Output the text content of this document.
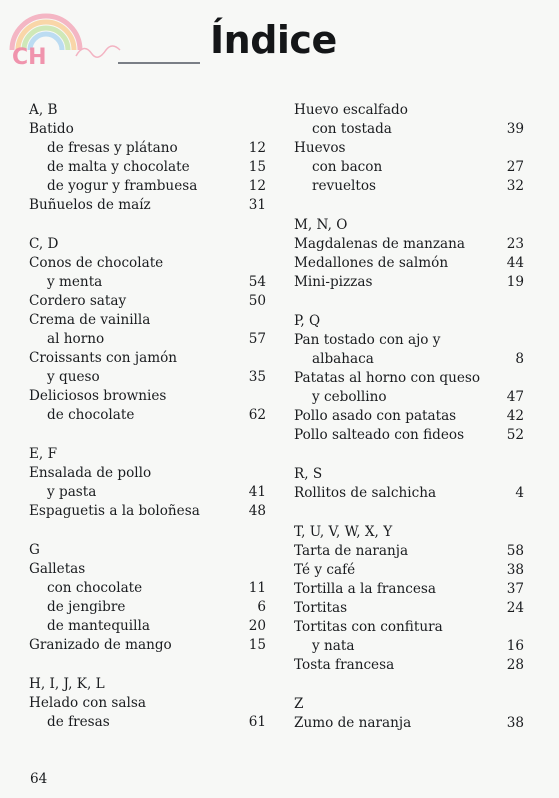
CH	Índice
A, B
Batido
de fresas y plátano	12
de malta y chocolate	15
de yogur y frambuesa	12
Buñuelos de maíz	31
C, D
Conos de chocolate
y menta	54
Cordero satay	50
Crema de vainilla
al horno	57
Croissants con jamón
y queso	35
Deliciosos brownies
de chocolate	62
E, F
Ensalada de pollo
y pasta	41
Espaguetis a la boloñesa	48
G
Galletas
con chocolate	11
de jengibre	6
de mantequilla	20
Granizado de mango	15
H, I, J, K, L
Helado con salsa
de fresas	61
Huevo escalfado
con tostada	39
Huevos
con bacon	27
revueltos	32
M, N, O
Magdalenas de manzana	23
Medallones de salmón	44
Mini-pizzas	19
P, Q
Pan tostado con ajo y
albahaca	8
Patatas al horno con queso
y cebollino	47
Pollo asado con patatas	42
Pollo salteado con fideos	52
R, S
Rollitos de salchicha	4
T, U, V, W, X, Y
Tarta de naranja	58
Té y café	38
Tortilla a la francesa	37
Tortitas	24
Tortitas con confitura
y nata	16
Tosta francesa	28
Z
Zumo de naranja	38
64
